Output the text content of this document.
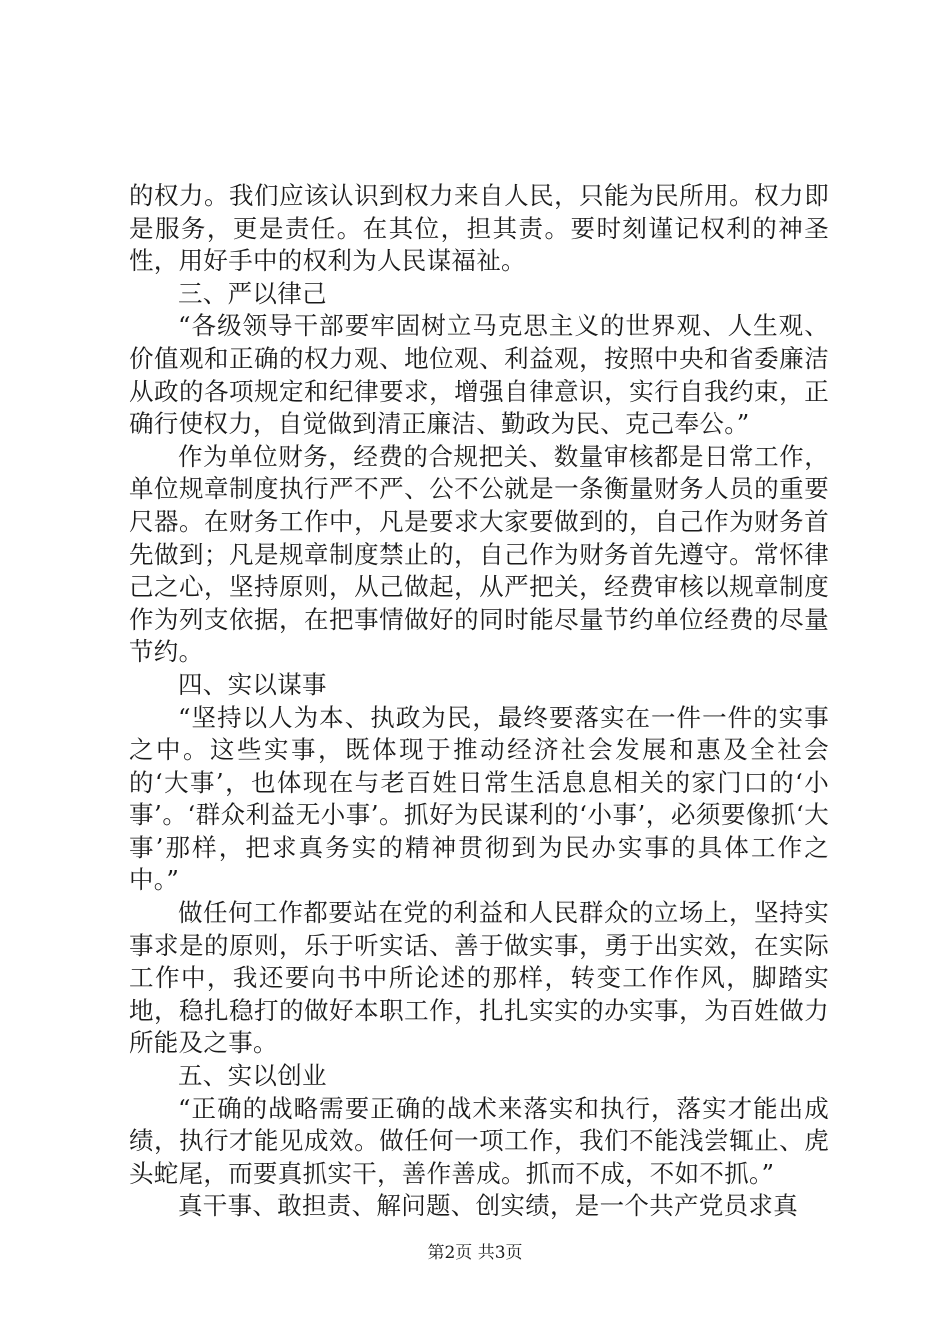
的权力。我们应该认识到权力来自人民，只能为民所用。权力即是服务，更是责任。在其位，担其责。要时刻谨记权利的神圣性，用好手中的权利为人民谋福祉。

三、严以律己

“各级领导干部要牢固树立马克思主义的世界观、人生观、价值观和正确的权力观、地位观、利益观，按照中央和省委廉洁从政的各项规定和纪律要求，增强自律意识，实行自我约束，正确行使权力，自觉做到清正廉洁、勤政为民、克己奉公。”

作为单位财务，经费的合规把关、数量审核都是日常工作，单位规章制度执行严不严、公不公就是一条衡量财务人员的重要尺器。在财务工作中，凡是要求大家要做到的，自己作为财务首先做到；凡是规章制度禁止的，自己作为财务首先遵守。常怀律己之心，坚持原则，从己做起，从严把关，经费审核以规章制度作为列支依据，在把事情做好的同时能尽量节约单位经费的尽量节约。

四、实以谋事

“坚持以人为本、执政为民，最终要落实在一件一件的实事之中。这些实事，既体现于推动经济社会发展和惠及全社会的‘大事’，也体现在与老百姓日常生活息息相关的家门口的‘小事’。‘群众利益无小事’。抓好为民谋利的‘小事’，必须要像抓‘大事’那样，把求真务实的精神贯彻到为民办实事的具体工作之中。”

做任何工作都要站在党的利益和人民群众的立场上，坚持实事求是的原则，乐于听实话、善于做实事，勇于出实效，在实际工作中，我还要向书中所论述的那样，转变工作作风，脚踏实地，稳扎稳打的做好本职工作，扎扎实实的办实事，为百姓做力所能及之事。

五、实以创业

“正确的战略需要正确的战术来落实和执行，落实才能出成绩，执行才能见成效。做任何一项工作，我们不能浅尝辄止、虎头蛇尾，而要真抓实干，善作善成。抓而不成，不如不抓。”

真干事、敢担责、解问题、创实绩，是一个共产党员求真

第2页 共3页
